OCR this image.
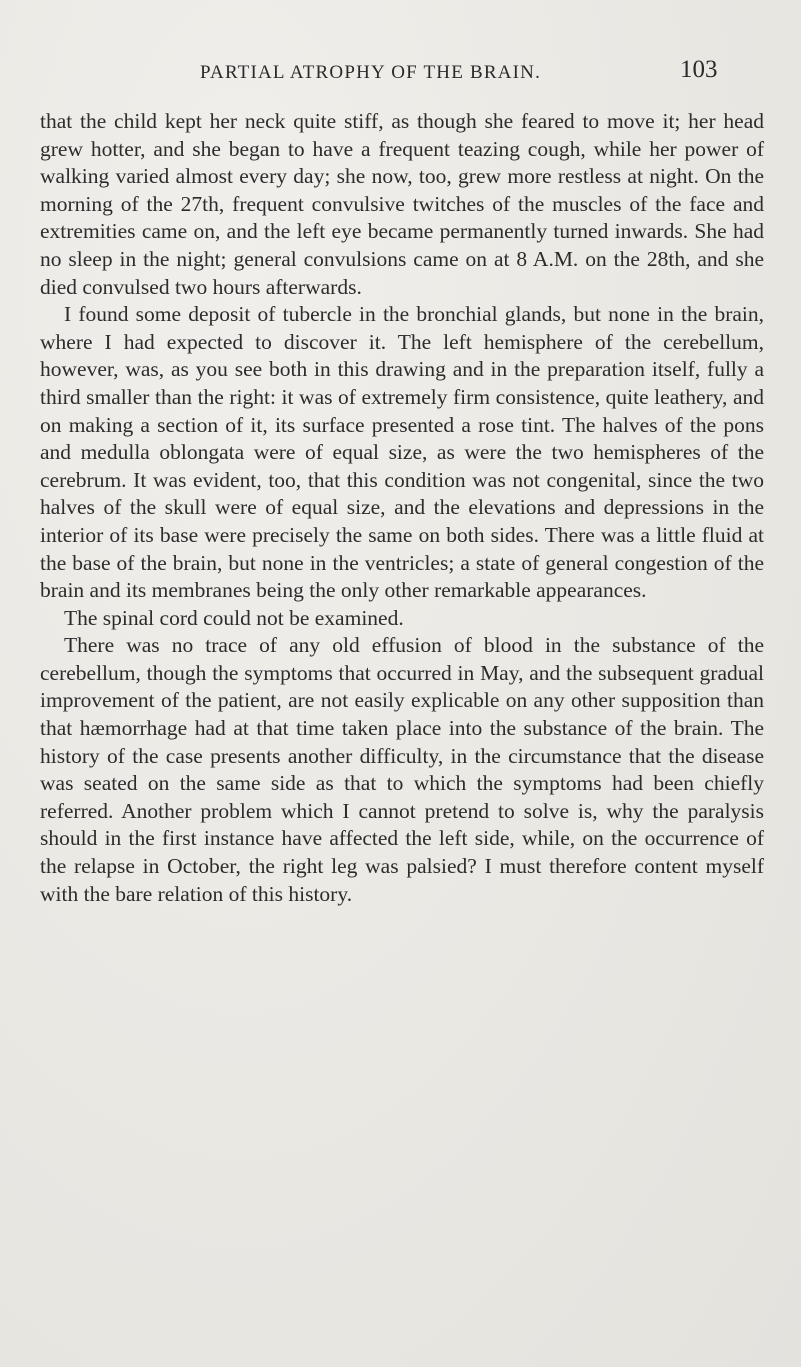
PARTIAL ATROPHY OF THE BRAIN.	103

that the child kept her neck quite stiff, as though she feared to move it; her head grew hotter, and she began to have a frequent teazing cough, while her power of walking varied almost every day; she now, too, grew more restless at night. On the morning of the 27th, frequent convulsive twitches of the muscles of the face and extremities came on, and the left eye became permanently turned inwards. She had no sleep in the night; general convulsions came on at 8 A.M. on the 28th, and she died convulsed two hours afterwards.

I found some deposit of tubercle in the bronchial glands, but none in the brain, where I had expected to discover it. The left hemisphere of the cerebellum, however, was, as you see both in this drawing and in the preparation itself, fully a third smaller than the right: it was of extremely firm consistence, quite leathery, and on making a section of it, its surface presented a rose tint. The halves of the pons and medulla oblongata were of equal size, as were the two hemispheres of the cerebrum. It was evident, too, that this condition was not congenital, since the two halves of the skull were of equal size, and the elevations and depressions in the interior of its base were precisely the same on both sides. There was a little fluid at the base of the brain, but none in the ventricles; a state of general congestion of the brain and its membranes being the only other remarkable appearances.

The spinal cord could not be examined.

There was no trace of any old effusion of blood in the substance of the cerebellum, though the symptoms that occurred in May, and the subsequent gradual improvement of the patient, are not easily explicable on any other supposition than that hæmorrhage had at that time taken place into the substance of the brain. The history of the case presents another difficulty, in the circumstance that the disease was seated on the same side as that to which the symptoms had been chiefly referred. Another problem which I cannot pretend to solve is, why the paralysis should in the first instance have affected the left side, while, on the occurrence of the relapse in October, the right leg was palsied? I must therefore content myself with the bare relation of this history.
